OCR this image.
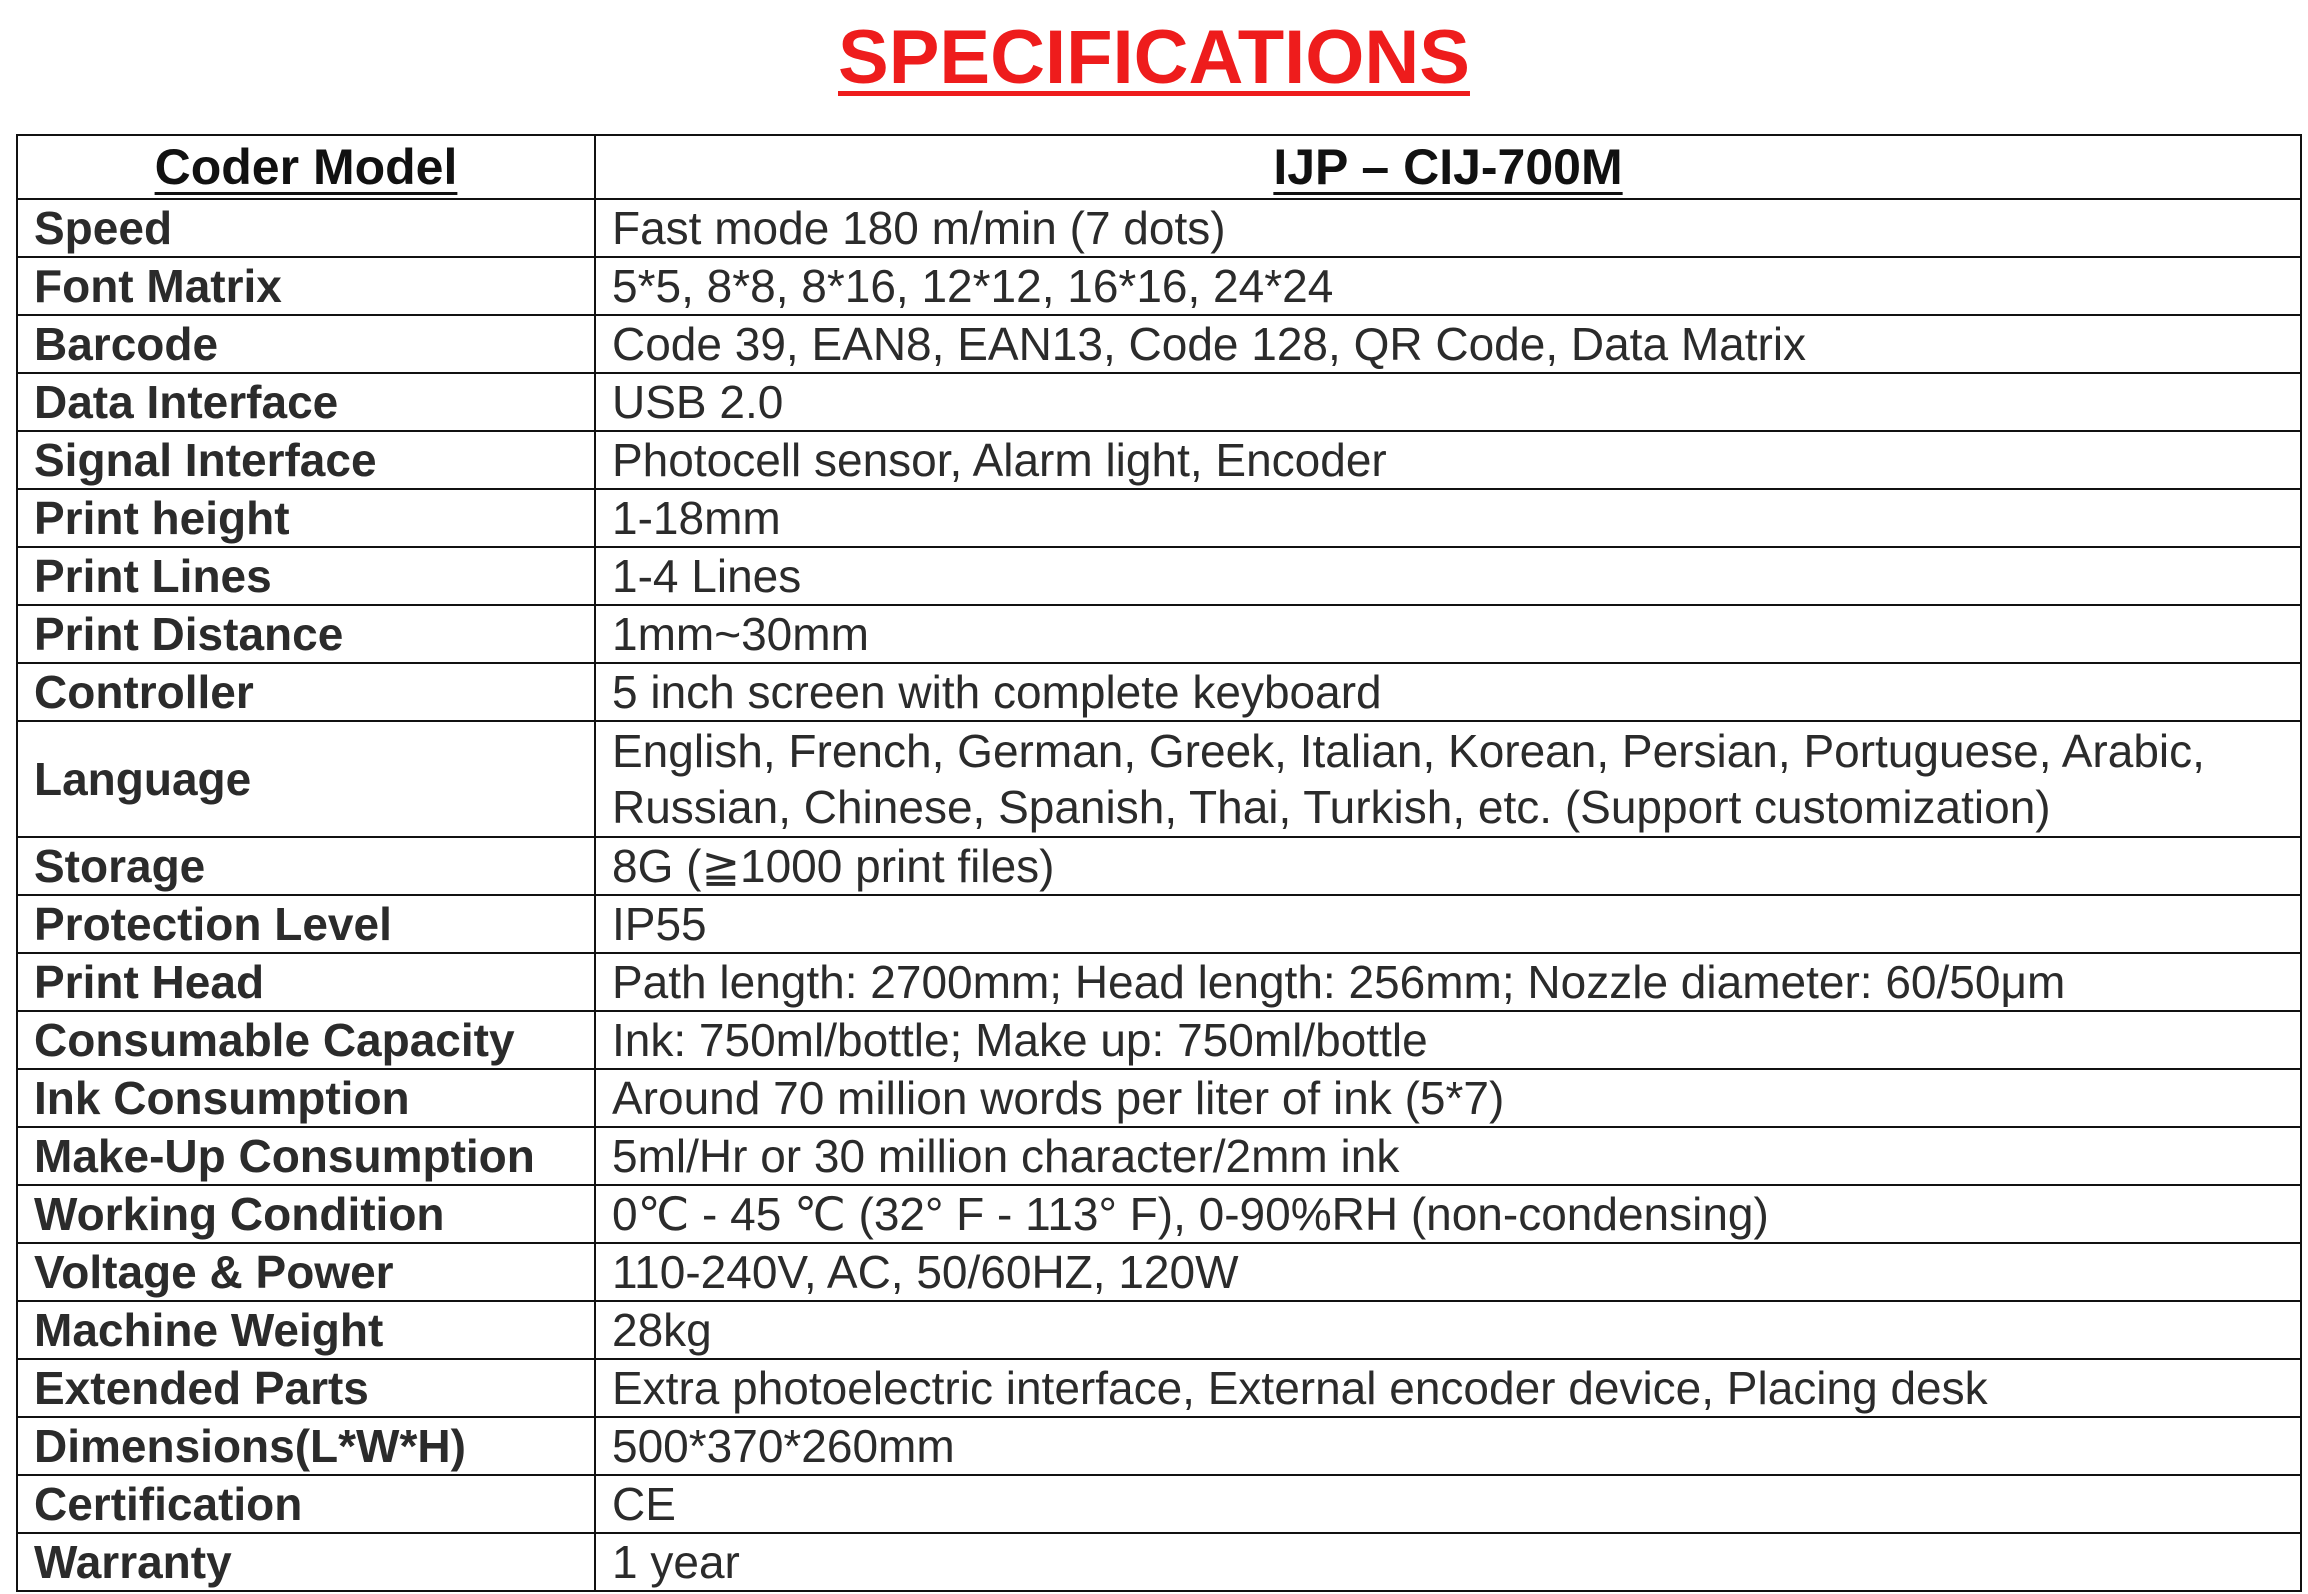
SPECIFICATIONS
Coder Model	IJP – CIJ-700M
Speed	Fast mode 180 m/min (7 dots)
Font Matrix	5*5, 8*8, 8*16, 12*12, 16*16, 24*24
Barcode	Code 39, EAN8, EAN13, Code 128, QR Code, Data Matrix
Data Interface	USB 2.0
Signal Interface	Photocell sensor, Alarm light, Encoder
Print height	1-18mm
Print Lines	1-4 Lines
Print Distance	1mm~30mm
Controller	5 inch screen with complete keyboard
Language	English, French, German, Greek, Italian, Korean, Persian, Portuguese, Arabic, Russian, Chinese, Spanish, Thai, Turkish, etc. (Support customization)
Storage	8G (≧1000 print files)
Protection Level	IP55
Print Head	Path length: 2700mm; Head length: 256mm; Nozzle diameter: 60/50μm
Consumable Capacity	Ink: 750ml/bottle; Make up: 750ml/bottle
Ink Consumption	Around 70 million words per liter of ink (5*7)
Make-Up Consumption	5ml/Hr or 30 million character/2mm ink
Working Condition	0℃ - 45 ℃ (32° F - 113° F), 0-90%RH (non-condensing)
Voltage & Power	110-240V, AC, 50/60HZ, 120W
Machine Weight	28kg
Extended Parts	Extra photoelectric interface, External encoder device, Placing desk
Dimensions(L*W*H)	500*370*260mm
Certification	CE
Warranty	1 year
